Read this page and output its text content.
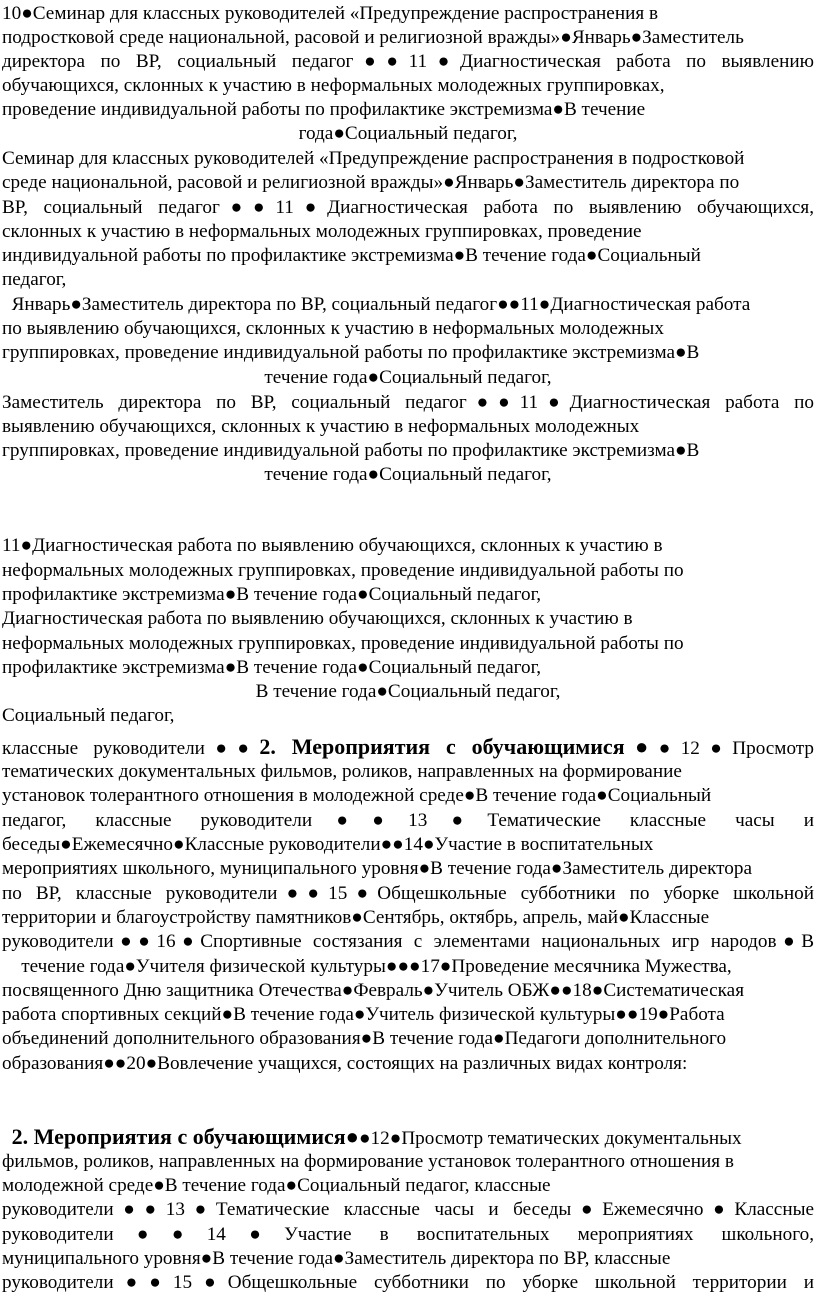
10●Семинар для классных руководителей «Предупреждение распространения в
подростковой среде национальной, расовой и религиозной вражды»●Январь●Заместитель
директора по ВР, социальный педагог●●11●Диагностическая работа по выявлению
обучающихся, склонных к участию в неформальных молодежных группировках,
проведение индивидуальной работы по профилактике экстремизма●В течение
года●Социальный педагог,
Семинар для классных руководителей «Предупреждение распространения в подростковой
среде национальной, расовой и религиозной вражды»●Январь●Заместитель директора по
ВР, социальный педагог●●11●Диагностическая работа по выявлению обучающихся,
склонных к участию в неформальных молодежных группировках, проведение
индивидуальной работы по профилактике экстремизма●В течение года●Социальный
педагог,
Январь●Заместитель директора по ВР, социальный педагог●●11●Диагностическая работа
по выявлению обучающихся, склонных к участию в неформальных молодежных
группировках, проведение индивидуальной работы по профилактике экстремизма●В
течение года●Социальный педагог,
Заместитель директора по ВР, социальный педагог●●11●Диагностическая работа по
выявлению обучающихся, склонных к участию в неформальных молодежных
группировках, проведение индивидуальной работы по профилактике экстремизма●В
течение года●Социальный педагог,
11●Диагностическая работа по выявлению обучающихся, склонных к участию в
неформальных молодежных группировках, проведение индивидуальной работы по
профилактике экстремизма●В течение года●Социальный педагог,
Диагностическая работа по выявлению обучающихся, склонных к участию в
неформальных молодежных группировках, проведение индивидуальной работы по
профилактике экстремизма●В течение года●Социальный педагог,
В течение года●Социальный педагог,
Социальный педагог,
классные руководители●●2. Мероприятия с обучающимися●●12●Просмотр
тематических документальных фильмов, роликов, направленных на формирование
установок толерантного отношения в молодежной среде●В течение года●Социальный
педагог, классные руководители●●13●Тематические классные часы и
беседы●Ежемесячно●Классные руководители●●14●Участие в воспитательных
мероприятиях школьного, муниципального уровня●В течение года●Заместитель директора
по ВР, классные руководители●●15●Общешкольные субботники по уборке школьной
территории и благоустройству памятников●Сентябрь, октябрь, апрель, май●Классные
руководители●●16●Спортивные состязания с элементами национальных игр народов●В
течение года●Учителя физической культуры●●●17●Проведение месячника Мужества,
посвященного Дню защитника Отечества●Февраль●Учитель ОБЖ●●18●Систематическая
работа спортивных секций●В течение года●Учитель физической культуры●●19●Работа
объединений дополнительного образования●В течение года●Педагоги дополнительного
образования●●20●Вовлечение учащихся, состоящих на различных видах контроля:
2. Мероприятия с обучающимися●●12●Просмотр тематических документальных
фильмов, роликов, направленных на формирование установок толерантного отношения в
молодежной среде●В течение года●Социальный педагог, классные
руководители●●13●Тематические классные часы и беседы●Ежемесячно●Классные
руководители●●14●Участие в воспитательных мероприятиях школьного,
муниципального уровня●В течение года●Заместитель директора по ВР, классные
руководители●●15●Общешкольные субботники по уборке школьной территории и
